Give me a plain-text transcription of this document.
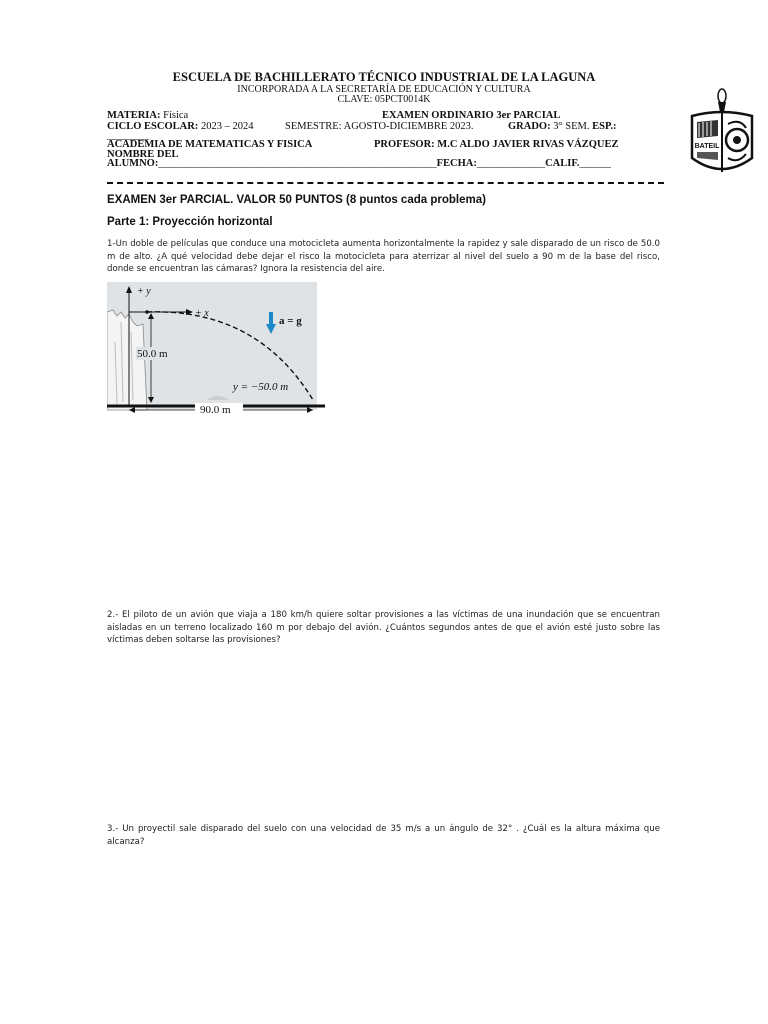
ESCUELA DE BACHILLERATO TÉCNICO INDUSTRIAL DE LA LAGUNA
INCORPORADA A LA SECRETARÍA DE EDUCACIÓN Y CULTURA
CLAVE: 05PCT0014K
MATERIA: Física	EXAMEN ORDINARIO 3er PARCIAL
CICLO ESCOLAR: 2023 – 2024	SEMESTRE: AGOSTO-DICIEMBRE 2023.	GRADO: 3° SEM. ESP.:
________
ACADEMIA DE MATEMATICAS Y FISICA	PROFESOR: M.C ALDO JAVIER RIVAS VÁZQUEZ
NOMBRE DEL
ALUMNO:_____________________________________________________FECHA:_____________CALIF.______
BATEIL
EXAMEN 3er PARCIAL. VALOR 50 PUNTOS (8 puntos cada problema)
Parte 1: Proyección horizontal
1-Un doble de películas que conduce una motocicleta aumenta horizontalmente la rapidez y sale disparado de un risco de 50.0 m de alto. ¿A qué velocidad debe dejar el risco la motocicleta para aterrizar al nivel del suelo a 90 m de la base del risco, donde se encuentran las cámaras? Ignora la resistencia del aire.
+ y
+ x
50.0 m
a = g
y = −50.0 m
90.0 m
2.- El piloto de un avión que viaja a 180 km/h quiere soltar provisiones a las víctimas de una inundación que se encuentran aisladas en un terreno localizado 160 m por debajo del avión. ¿Cuántos segundos antes de que el avión esté justo sobre las víctimas deben soltarse las provisiones?
3.- Un proyectil sale disparado del suelo con una velocidad de 35 m/s a un ángulo de 32° . ¿Cuál es la altura máxima que alcanza?
